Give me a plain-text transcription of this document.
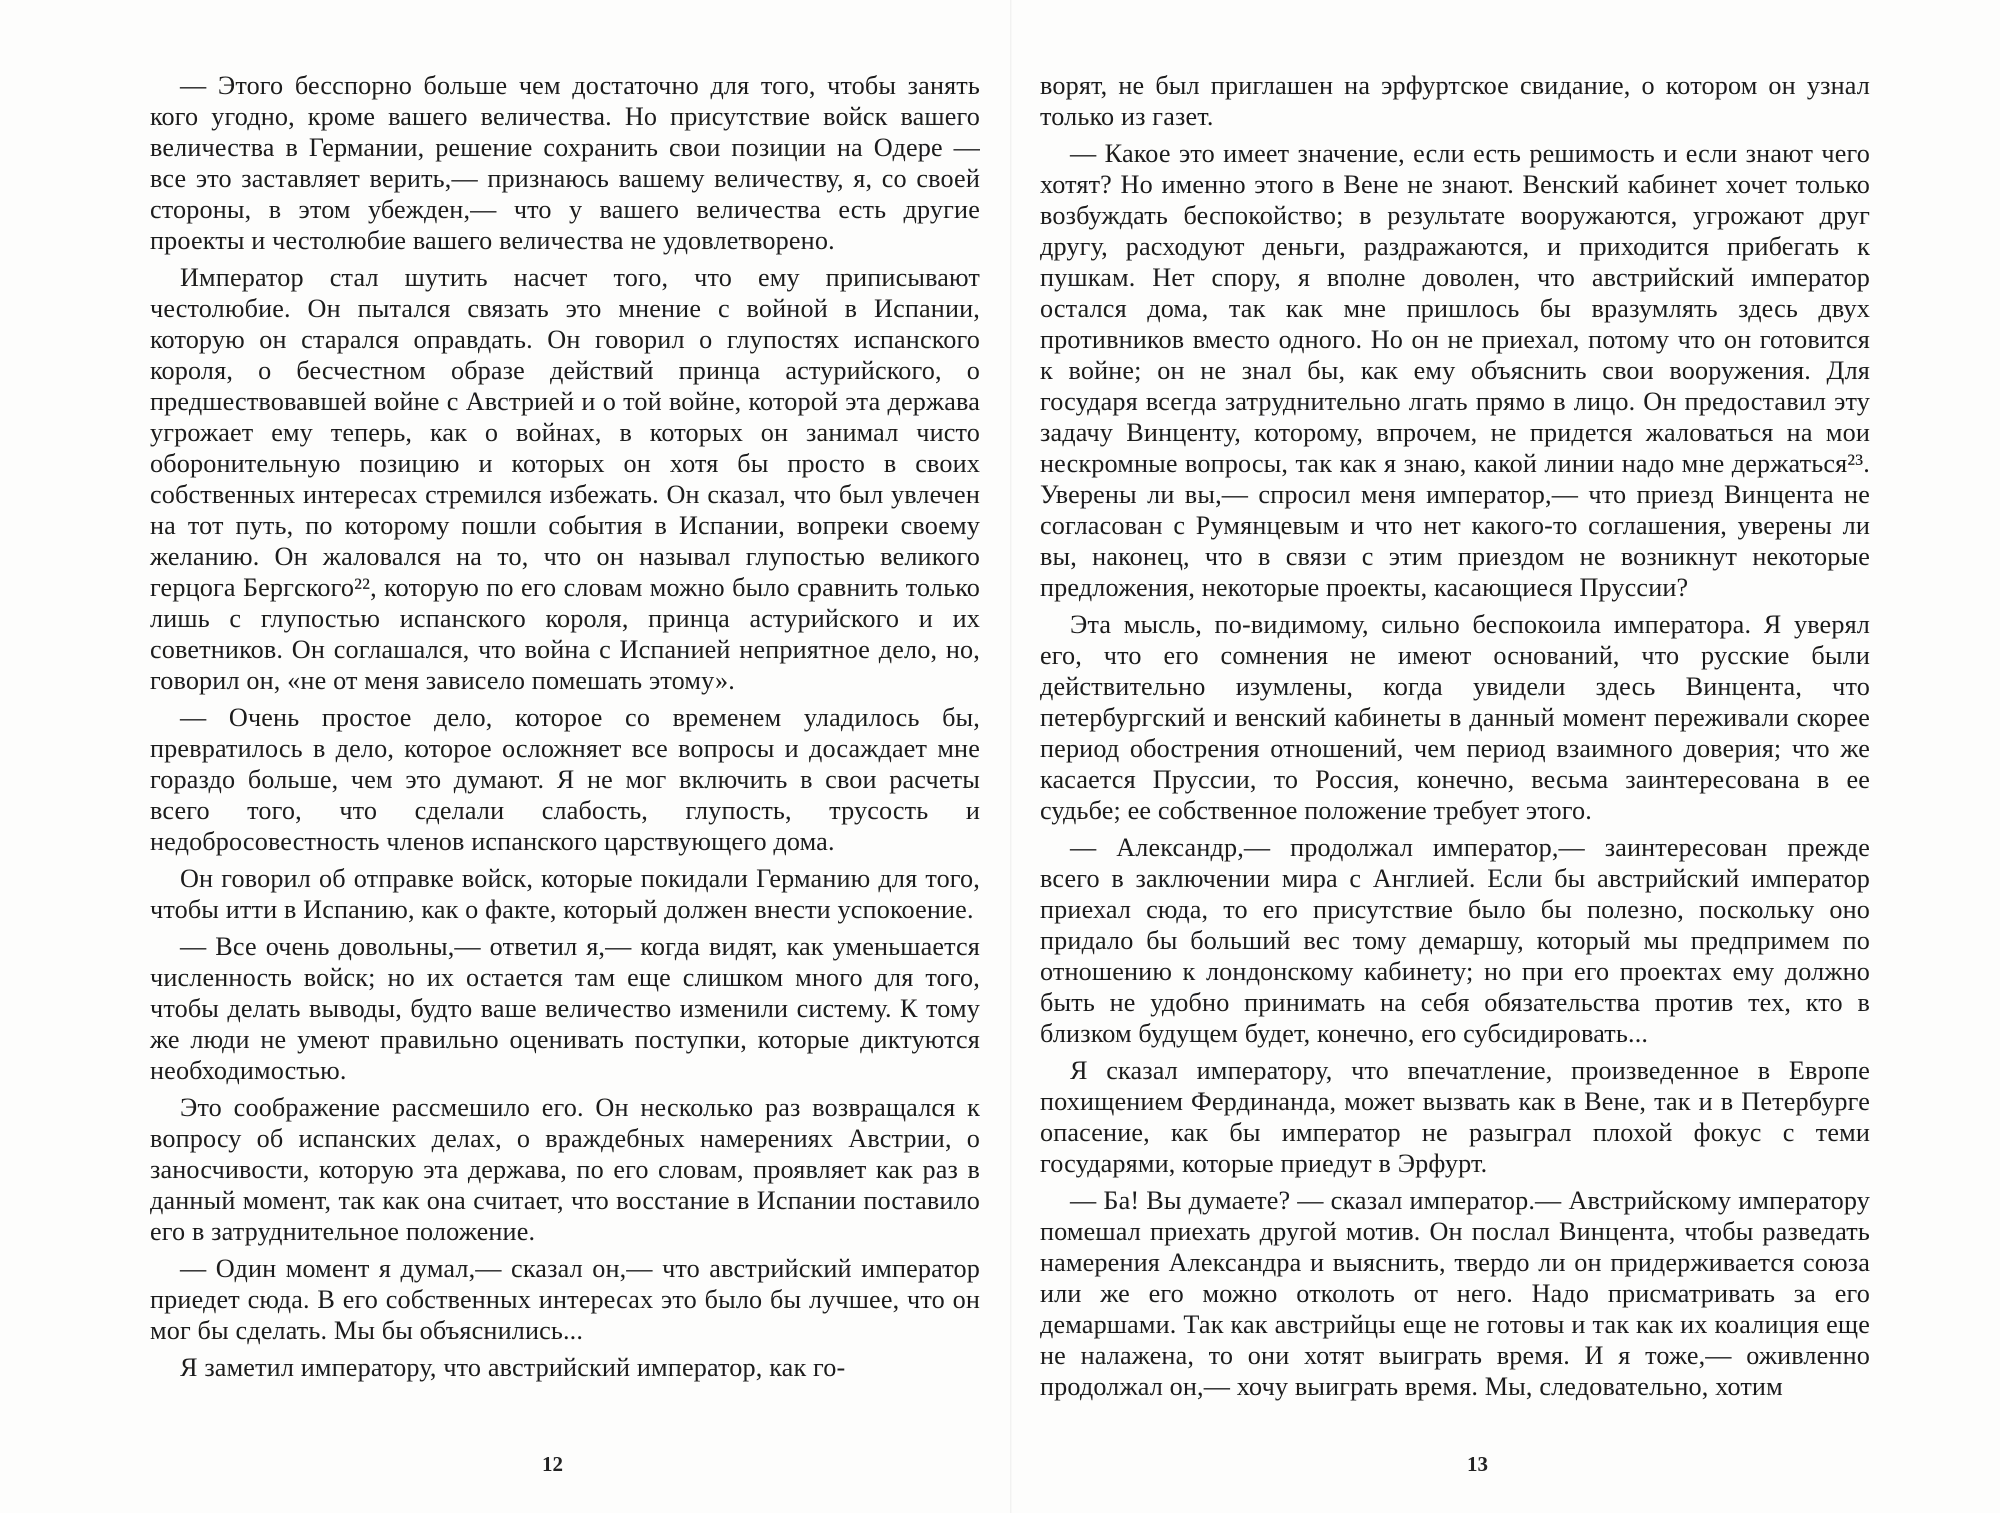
— Этого бесспорно больше чем достаточно для того, чтобы занять кого угодно, кроме вашего величества. Но присутствие войск вашего величества в Германии, решение сохранить свои позиции на Одере — все это заставляет верить,— признаюсь вашему величеству, я, со своей стороны, в этом убежден,— что у вашего величества есть другие проекты и честолюбие вашего величества не удовлетворено.

Император стал шутить насчет того, что ему приписывают честолюбие. Он пытался связать это мнение с войной в Испании, которую он старался оправдать. Он говорил о глупостях испанского короля, о бесчестном образе действий принца астурийского, о предшествовавшей войне с Австрией и о той войне, которой эта держава угрожает ему теперь, как о войнах, в которых он занимал чисто оборонительную позицию и которых он хотя бы просто в своих собственных интересах стремился избежать. Он сказал, что был увлечен на тот путь, по которому пошли события в Испании, вопреки своему желанию. Он жаловался на то, что он называл глупостью великого герцога Бергского²², которую по его словам можно было сравнить только лишь с глупостью испанского короля, принца астурийского и их советников. Он соглашался, что война с Испанией неприятное дело, но, говорил он, «не от меня зависело помешать этому».

— Очень простое дело, которое со временем уладилось бы, превратилось в дело, которое осложняет все вопросы и досаждает мне гораздо больше, чем это думают. Я не мог включить в свои расчеты всего того, что сделали слабость, глупость, трусость и недобросовестность членов испанского царствующего дома.

Он говорил об отправке войск, которые покидали Германию для того, чтобы итти в Испанию, как о факте, который должен внести успокоение.

— Все очень довольны,— ответил я,— когда видят, как уменьшается численность войск; но их остается там еще слишком много для того, чтобы делать выводы, будто ваше величество изменили систему. К тому же люди не умеют правильно оценивать поступки, которые диктуются необходимостью.

Это соображение рассмешило его. Он несколько раз возвращался к вопросу об испанских делах, о враждебных намерениях Австрии, о заносчивости, которую эта держава, по его словам, проявляет как раз в данный момент, так как она считает, что восстание в Испании поставило его в затруднительное положение.

— Один момент я думал,— сказал он,— что австрийский император приедет сюда. В его собственных интересах это было бы лучшее, что он мог бы сделать. Мы бы объяснились...

Я заметил императору, что австрийский император, как го-

ворят, не был приглашен на эрфуртское свидание, о котором он узнал только из газет.

— Какое это имеет значение, если есть решимость и если знают чего хотят? Но именно этого в Вене не знают. Венский кабинет хочет только возбуждать беспокойство; в результате вооружаются, угрожают друг другу, расходуют деньги, раздражаются, и приходится прибегать к пушкам. Нет спору, я вполне доволен, что австрийский император остался дома, так как мне пришлось бы вразумлять здесь двух противников вместо одного. Но он не приехал, потому что он готовится к войне; он не знал бы, как ему объяснить свои вооружения. Для государя всегда затруднительно лгать прямо в лицо. Он предоставил эту задачу Винценту, которому, впрочем, не придется жаловаться на мои нескромные вопросы, так как я знаю, какой линии надо мне держаться²³. Уверены ли вы,— спросил меня император,— что приезд Винцента не согласован с Румянцевым и что нет какого-то соглашения, уверены ли вы, наконец, что в связи с этим приездом не возникнут некоторые предложения, некоторые проекты, касающиеся Пруссии?

Эта мысль, по-видимому, сильно беспокоила императора. Я уверял его, что его сомнения не имеют оснований, что русские были действительно изумлены, когда увидели здесь Винцента, что петербургский и венский кабинеты в данный момент переживали скорее период обострения отношений, чем период взаимного доверия; что же касается Пруссии, то Россия, конечно, весьма заинтересована в ее судьбе; ее собственное положение требует этого.

— Александр,— продолжал император,— заинтересован прежде всего в заключении мира с Англией. Если бы австрийский император приехал сюда, то его присутствие было бы полезно, поскольку оно придало бы больший вес тому демаршу, который мы предпримем по отношению к лондонскому кабинету; но при его проектах ему должно быть не удобно принимать на себя обязательства против тех, кто в близком будущем будет, конечно, его субсидировать...

Я сказал императору, что впечатление, произведенное в Европе похищением Фердинанда, может вызвать как в Вене, так и в Петербурге опасение, как бы император не разыграл плохой фокус с теми государями, которые приедут в Эрфурт.

— Ба! Вы думаете? — сказал император.— Австрийскому императору помешал приехать другой мотив. Он послал Винцента, чтобы разведать намерения Александра и выяснить, твердо ли он придерживается союза или же его можно отколоть от него. Надо присматривать за его демаршами. Так как австрийцы еще не готовы и так как их коалиция еще не налажена, то они хотят выиграть время. И я тоже,— оживленно продолжал он,— хочу выиграть время. Мы, следовательно, хотим

12	13
